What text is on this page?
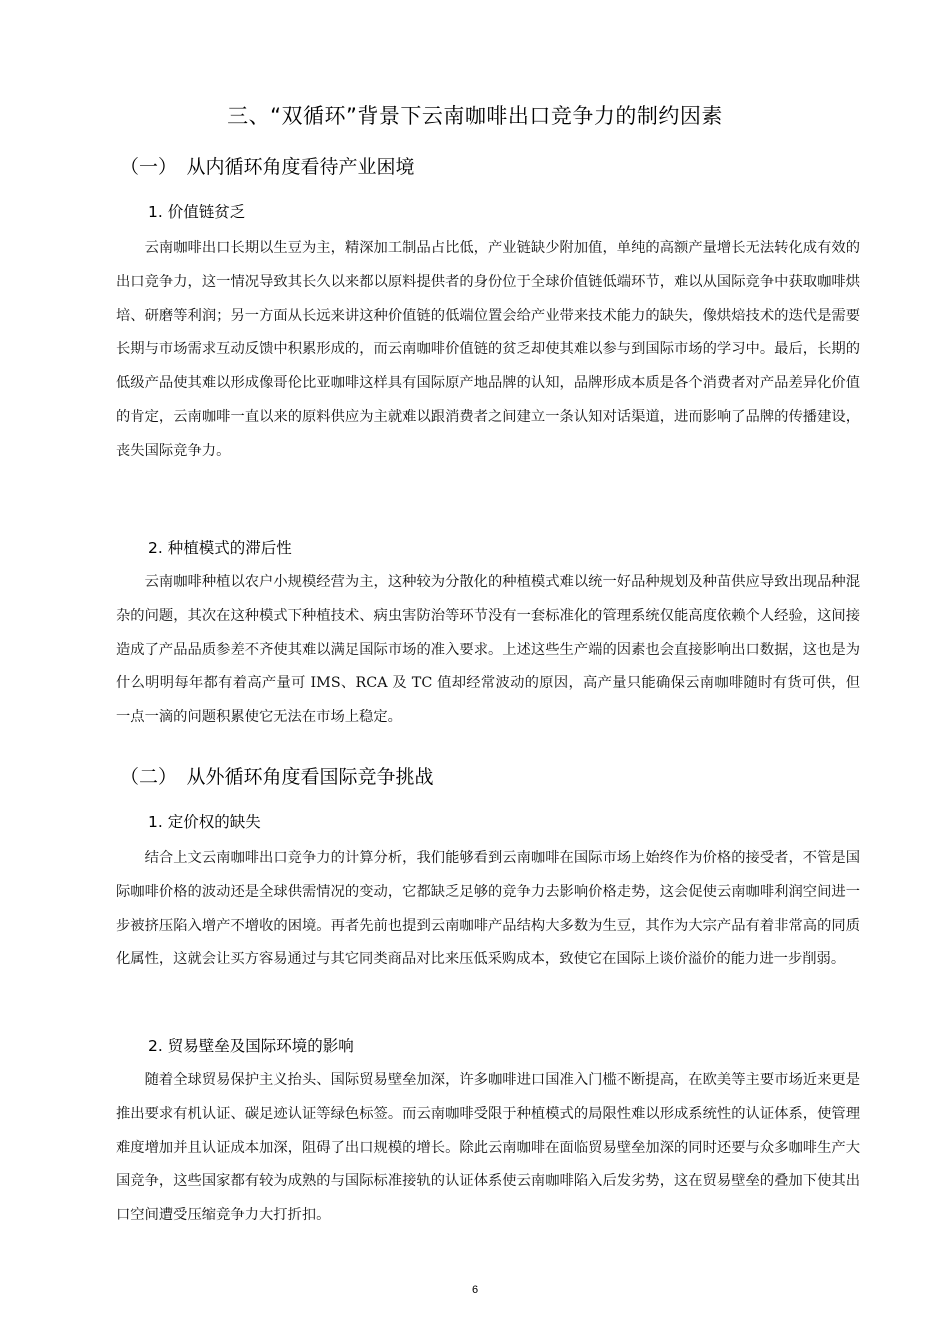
三、“双循环”背景下云南咖啡出口竞争力的制约因素
（一）　从内循环角度看待产业困境
1. 价值链贫乏

云南咖啡出口长期以生豆为主，精深加工制品占比低，产业链缺少附加值，单纯的高额产量增长无法转化成有效的出口竞争力，这一情况导致其长久以来都以原料提供者的身份位于全球价值链低端环节，难以从国际竞争中获取咖啡烘培、研磨等利润；另一方面从长远来讲这种价值链的低端位置会给产业带来技术能力的缺失，像烘焙技术的迭代是需要长期与市场需求互动反馈中积累形成的，而云南咖啡价值链的贫乏却使其难以参与到国际市场的学习中。最后，长期的低级产品使其难以形成像哥伦比亚咖啡这样具有国际原产地品牌的认知，品牌形成本质是各个消费者对产品差异化价值的肯定，云南咖啡一直以来的原料供应为主就难以跟消费者之间建立一条认知对话渠道，进而影响了品牌的传播建设，丧失国际竞争力。

2. 种植模式的滞后性

云南咖啡种植以农户小规模经营为主，这种较为分散化的种植模式难以统一好品种规划及种苗供应导致出现品种混杂的问题，其次在这种模式下种植技术、病虫害防治等环节没有一套标准化的管理系统仅能高度依赖个人经验，这间接造成了产品品质参差不齐使其难以满足国际市场的准入要求。上述这些生产端的因素也会直接影响出口数据，这也是为什么明明每年都有着高产量可 IMS、RCA 及 TC 值却经常波动的原因，高产量只能确保云南咖啡随时有货可供，但一点一滴的问题积累使它无法在市场上稳定。

（二）　从外循环角度看国际竞争挑战
1. 定价权的缺失

结合上文云南咖啡出口竞争力的计算分析，我们能够看到云南咖啡在国际市场上始终作为价格的接受者，不管是国际咖啡价格的波动还是全球供需情况的变动，它都缺乏足够的竞争力去影响价格走势，这会促使云南咖啡利润空间进一步被挤压陷入增产不增收的困境。再者先前也提到云南咖啡产品结构大多数为生豆，其作为大宗产品有着非常高的同质化属性，这就会让买方容易通过与其它同类商品对比来压低采购成本，致使它在国际上谈价溢价的能力进一步削弱。

2. 贸易壁垒及国际环境的影响

随着全球贸易保护主义抬头、国际贸易壁垒加深，许多咖啡进口国准入门槛不断提高，在欧美等主要市场近来更是推出要求有机认证、碳足迹认证等绿色标签。而云南咖啡受限于种植模式的局限性难以形成系统性的认证体系，使管理难度增加并且认证成本加深，阻碍了出口规模的增长。除此云南咖啡在面临贸易壁垒加深的同时还要与众多咖啡生产大国竞争，这些国家都有较为成熟的与国际标准接轨的认证体系使云南咖啡陷入后发劣势，这在贸易壁垒的叠加下使其出口空间遭受压缩竞争力大打折扣。

6
